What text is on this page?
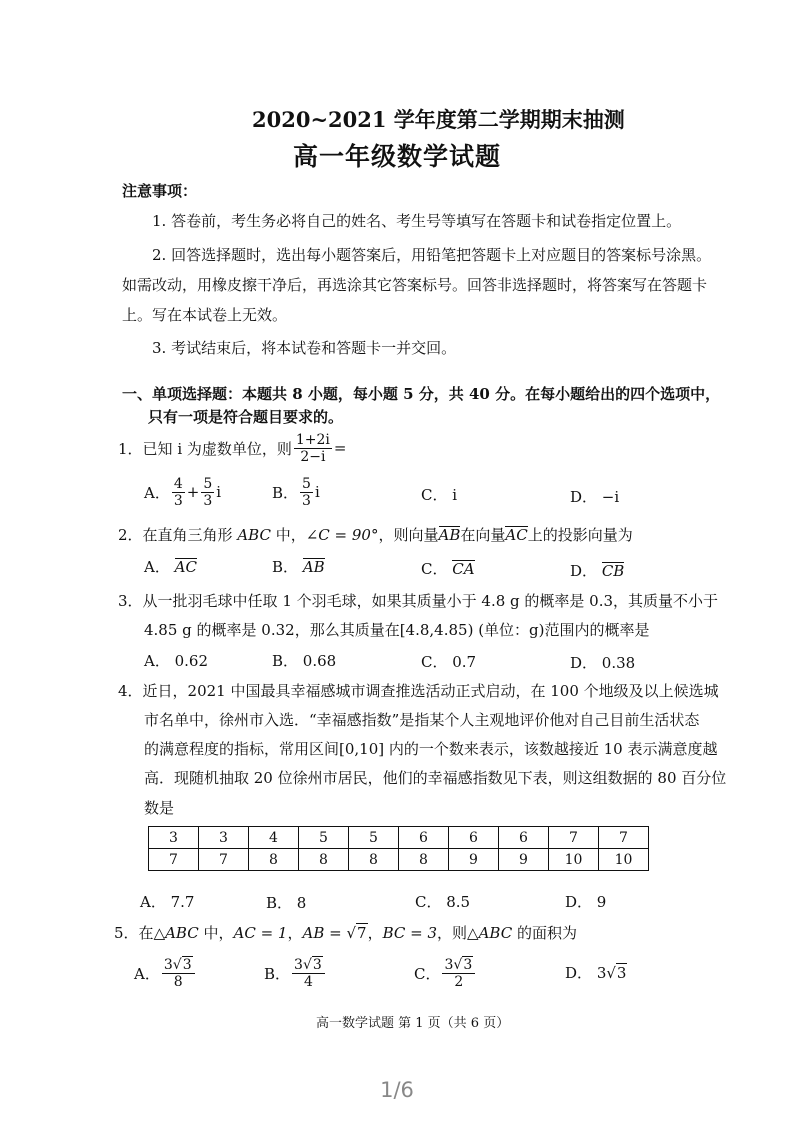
2020~2021 学年度第二学期期末抽测
高一年级数学试题
注意事项：
1. 答卷前，考生务必将自己的姓名、考生号等填写在答题卡和试卷指定位置上。
2. 回答选择题时，选出每小题答案后，用铅笔把答题卡上对应题目的答案标号涂黑。
如需改动，用橡皮擦干净后，再选涂其它答案标号。回答非选择题时，将答案写在答题卡
上。写在本试卷上无效。
3. 考试结束后，将本试卷和答题卡一并交回。
一、单项选择题：本题共 8 小题，每小题 5 分，共 40 分。在每小题给出的四个选项中，
只有一项是符合题目要求的。
1． 已知 i 为虚数单位，则 $\frac{1+2i}{2-i}$ =
A． $\frac{4}{3} + \frac{5}{3}$ i	B． $\frac{5}{3}$ i	C． i	D． −i
2．在直角三角形 ABC 中，∠C = 90°，则向量AB在向量AC上的投影向量为
A． AC	B． AB	C． CA	D． CB
3．从一批羽毛球中任取 1 个羽毛球，如果其质量小于 4.8 g 的概率是 0.3，其质量不小于
4.85 g 的概率是 0.32，那么其质量在[4.8,4.85) (单位：g)范围内的概率是
A． 0.62	B． 0.68	C． 0.7	D． 0.38
4．近日，2021 中国最具幸福感城市调查推选活动正式启动，在 100 个地级及以上候选城
市名单中，徐州市入选．“幸福感指数”是指某个人主观地评价他对自己目前生活状态
的满意程度的指标，常用区间[0,10] 内的一个数来表示，该数越接近 10 表示满意度越
高．现随机抽取 20 位徐州市居民，他们的幸福感指数见下表，则这组数据的 80 百分位
数是
3	3	4	5	5	6	6	6	7	7
7	7	8	8	8	8	9	9	10	10
A． 7.7	B． 8	C． 8.5	D． 9
5．在△ABC 中，AC = 1，AB = √7，BC = 3，则△ABC 的面积为
A． $\frac{3√3}{8}$	B． $\frac{3√3}{4}$	C． $\frac{3√3}{2}$	D． 3√3
高一数学试题 第 1 页（共 6 页）
1/6
